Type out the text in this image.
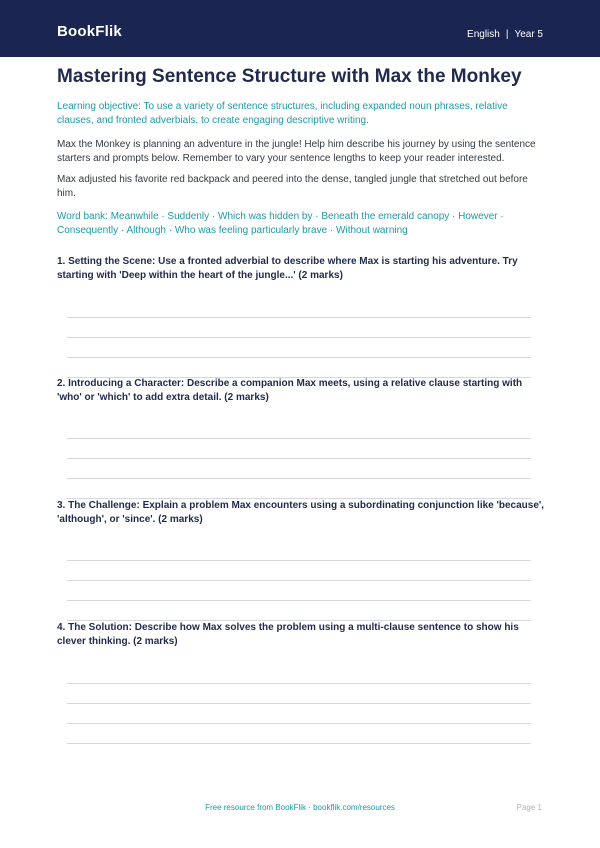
BookFlik	English | Year 5
Mastering Sentence Structure with Max the Monkey
Learning objective: To use a variety of sentence structures, including expanded noun phrases, relative clauses, and fronted adverbials, to create engaging descriptive writing.
Max the Monkey is planning an adventure in the jungle! Help him describe his journey by using the sentence starters and prompts below. Remember to vary your sentence lengths to keep your reader interested.
Max adjusted his favorite red backpack and peered into the dense, tangled jungle that stretched out before him.
Word bank: Meanwhile · Suddenly · Which was hidden by · Beneath the emerald canopy · However · Consequently · Although · Who was feeling particularly brave · Without warning
1. Setting the Scene: Use a fronted adverbial to describe where Max is starting his adventure. Try starting with 'Deep within the heart of the jungle...' (2 marks)
2. Introducing a Character: Describe a companion Max meets, using a relative clause starting with 'who' or 'which' to add extra detail. (2 marks)
3. The Challenge: Explain a problem Max encounters using a subordinating conjunction like 'because', 'although', or 'since'. (2 marks)
4. The Solution: Describe how Max solves the problem using a multi-clause sentence to show his clever thinking. (2 marks)
Free resource from BookFlik · bookflik.com/resources	Page 1
